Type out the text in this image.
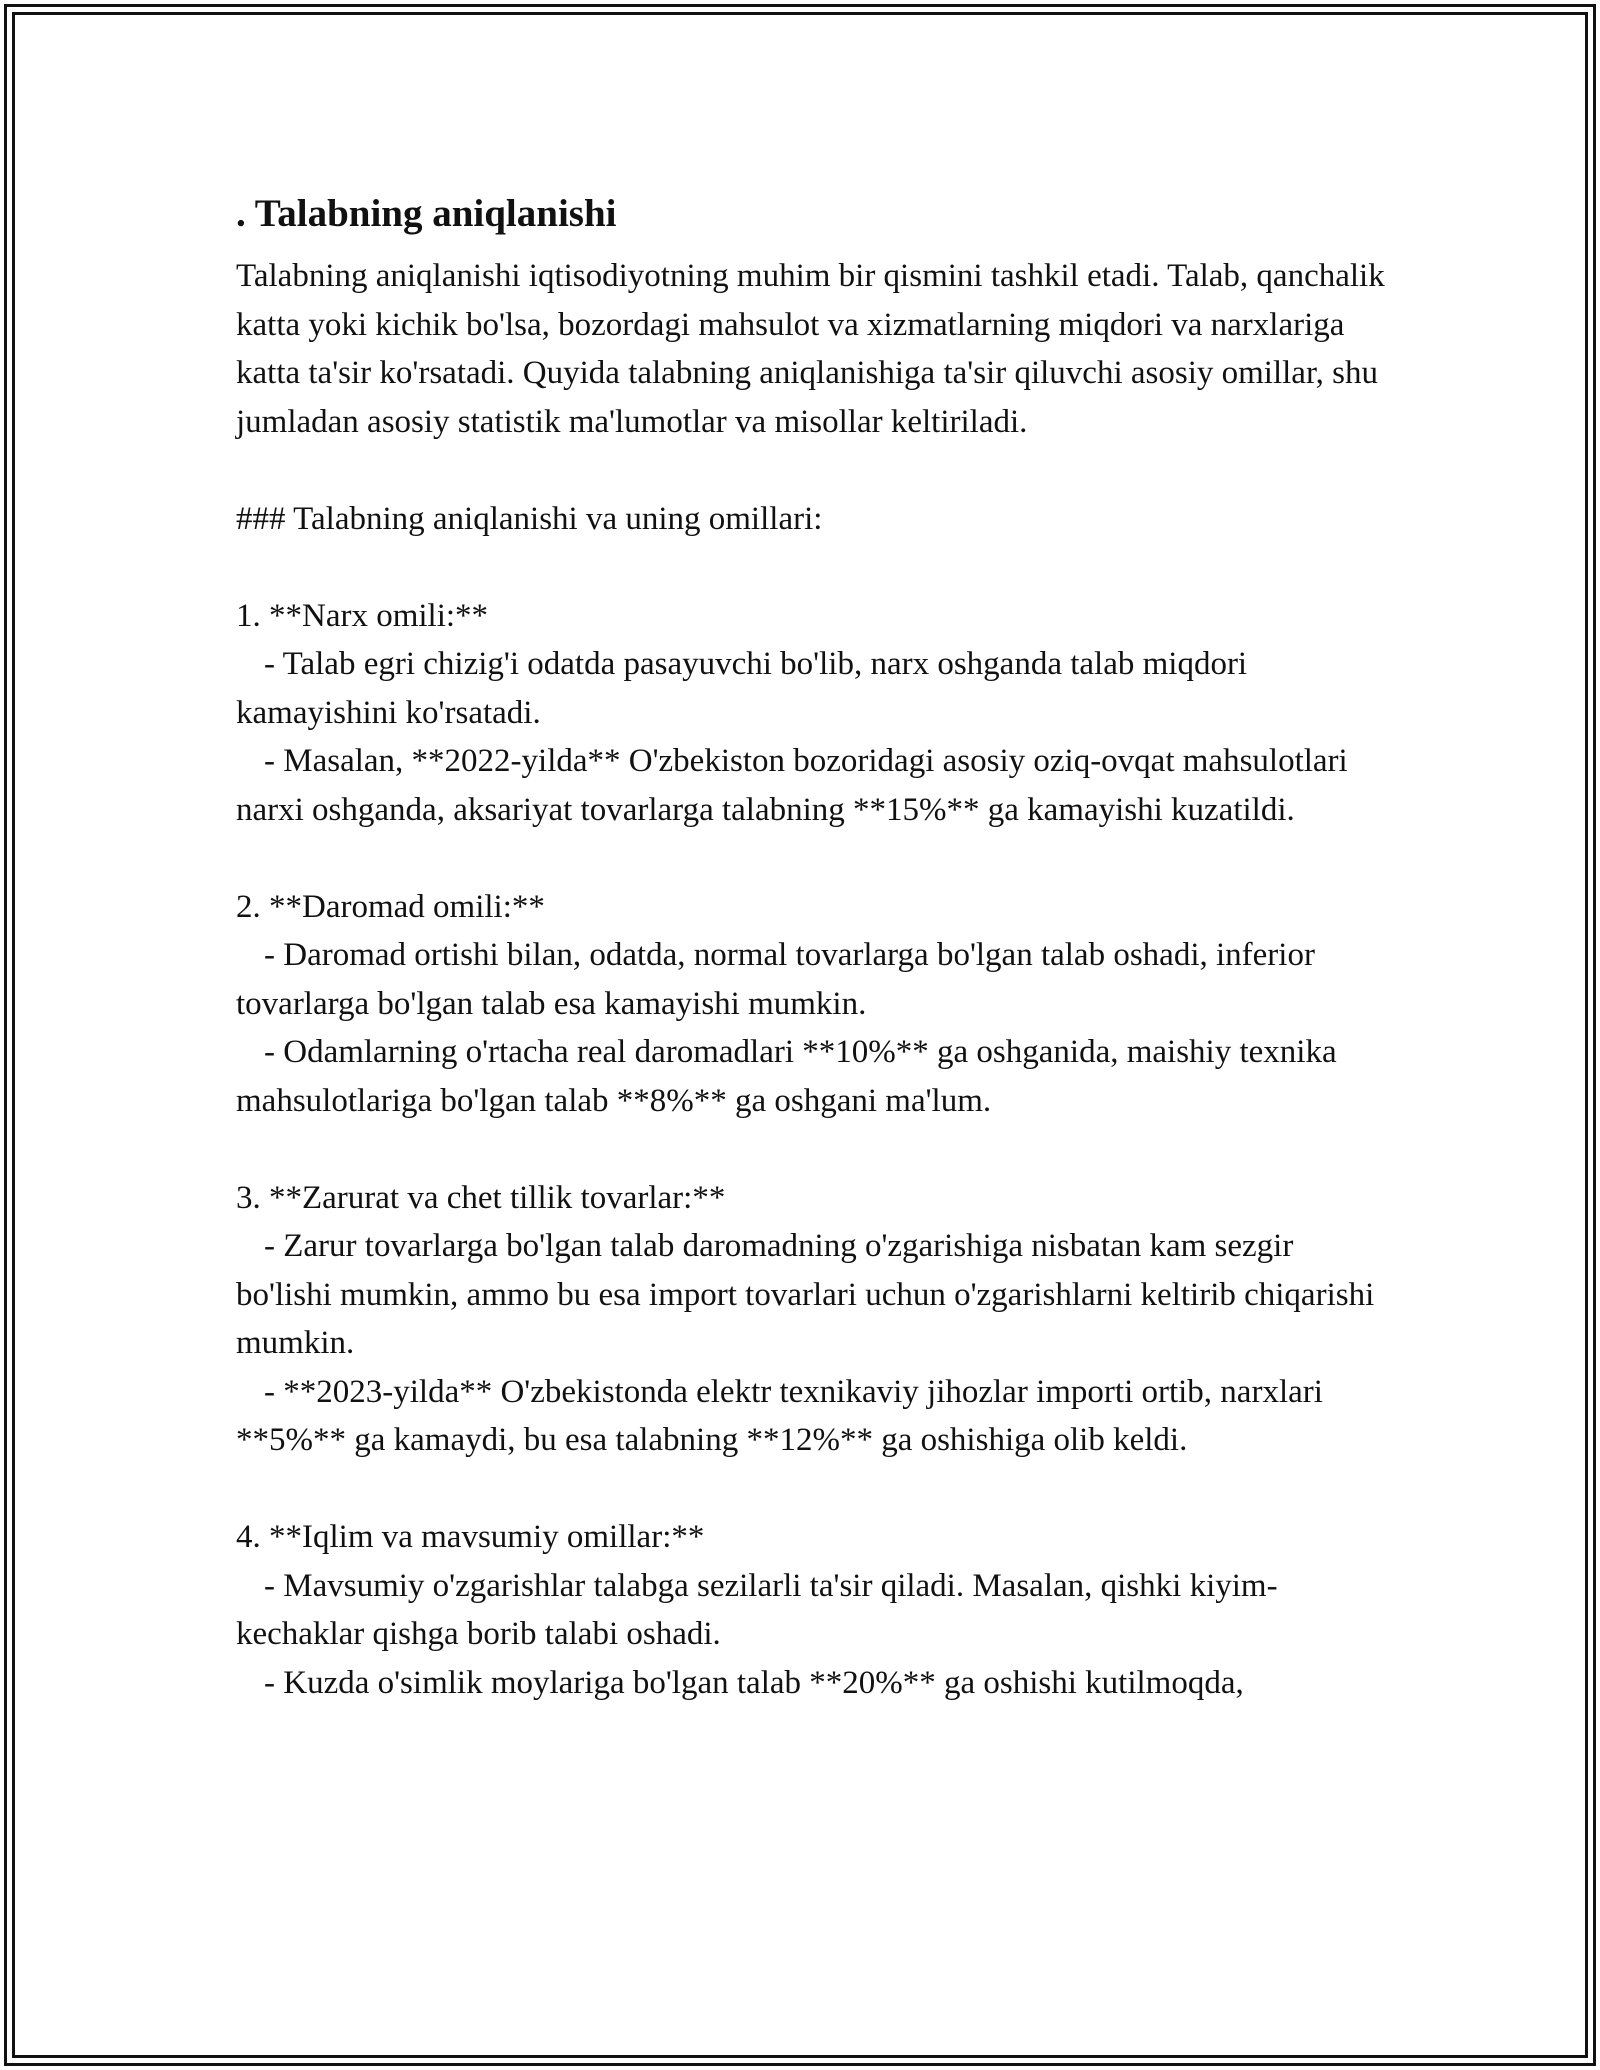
. Talabning aniqlanishi

Talabning aniqlanishi iqtisodiyotning muhim bir qismini tashkil etadi. Talab, qanchalik katta yoki kichik bo'lsa, bozordagi mahsulot va xizmatlarning miqdori va narxlariga katta ta'sir ko'rsatadi. Quyida talabning aniqlanishiga ta'sir qiluvchi asosiy omillar, shu jumladan asosiy statistik ma'lumotlar va misollar keltiriladi.

### Talabning aniqlanishi va uning omillari:

1. **Narx omili:**

- Talab egri chizig'i odatda pasayuvchi bo'lib, narx oshganda talab miqdori kamayishini ko'rsatadi.

- Masalan, **2022-yilda** O'zbekiston bozoridagi asosiy oziq-ovqat mahsulotlari narxi oshganda, aksariyat tovarlarga talabning **15%** ga kamayishi kuzatildi.

2. **Daromad omili:**

- Daromad ortishi bilan, odatda, normal tovarlarga bo'lgan talab oshadi, inferior tovarlarga bo'lgan talab esa kamayishi mumkin.

- Odamlarning o'rtacha real daromadlari **10%** ga oshganida, maishiy texnika mahsulotlariga bo'lgan talab **8%** ga oshgani ma'lum.

3. **Zarurat va chet tillik tovarlar:**

- Zarur tovarlarga bo'lgan talab daromadning o'zgarishiga nisbatan kam sezgir bo'lishi mumkin, ammo bu esa import tovarlari uchun o'zgarishlarni keltirib chiqarishi mumkin.

- **2023-yilda** O'zbekistonda elektr texnikaviy jihozlar importi ortib, narxlari **5%** ga kamaydi, bu esa talabning **12%** ga oshishiga olib keldi.

4. **Iqlim va mavsumiy omillar:**

- Mavsumiy o'zgarishlar talabga sezilarli ta'sir qiladi. Masalan, qishki kiyim-kechaklar qishga borib talabi oshadi.

- Kuzda o'simlik moylariga bo'lgan talab **20%** ga oshishi kutilmoqda,
